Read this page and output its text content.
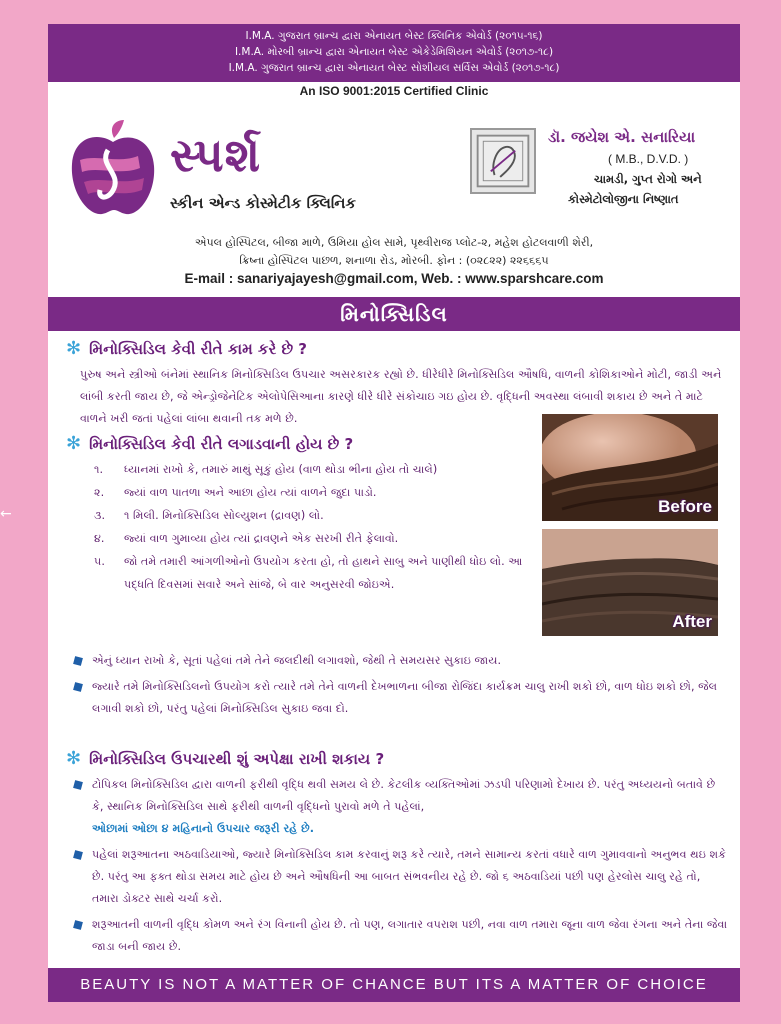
←
I.M.A. ગુજરાત બ્રાન્ચ દ્વારા એનાયત બેસ્ટ ક્લિનિક એવોર્ડ (૨૦૧૫-૧૬)
I.M.A. મોરબી બ્રાન્ચ દ્વારા એનાયત બેસ્ટ એકેડેમિશિયન એવોર્ડ (૨૦૧૭-૧૮)
I.M.A. ગુજરાત બ્રાન્ચ દ્વારા એનાયત બેસ્ટ સોશીયલ સર્વિસ એવોર્ડ (૨૦૧૭-૧૮)
An ISO 9001:2015 Certified Clinic
સ્પર્શ
સ્કીન એન્ડ કોસ્મેટીક ક્લિનિક
ડૉ. જયેશ એ. સનારિયા
( M.B., D.V.D. )
ચામડી, ગુપ્ત રોગો અને
કોસ્મેટોલોજીના નિષ્ણાત
એપલ હોસ્પિટલ, બીજા માળે, ઉમિયા હોલ સામે, પૃથ્વીરાજ પ્લોટ-૨, મહેશ હોટલવાળી શેરી,
ક્રિષ્ના હોસ્પિટલ પાછળ, શનાળા રોડ, મોરબી. ફોન : (૦૨૮૨૨) ૨૨૬૬૬૫
E-mail : sanariyajayesh@gmail.com, Web. : www.sparshcare.com
મિનોક્સિડિલ
✻ મિનોક્સિડિલ કેવી રીતે કામ કરે છે ?

પુરુષ અને સ્ત્રીઓ બંનેમાં સ્થાનિક મિનોક્સિડિલ ઉપચાર અસરકારક રહ્યો છે. ધીરેધીરે મિનોક્સિડિલ ઔષધિ, વાળની કોશિકાઓને મોટી, જાડી અને લાંબી કરતી જાય છે, જે એન્ડ્રોજેનેટિક એલોપેસિઆના કારણે ધીરે ધીરે સંકોચાઇ ગઇ હોય છે. વૃદ્ધિની અવસ્થા લંબાવી શકાય છે અને તે માટે વાળને ખરી જતાં પહેલાં લાંબા થવાની તક મળે છે.

✻ મિનોક્સિડિલ કેવી રીતે લગાડવાની હોય છે ?
૧.	ધ્યાનમાં રાખો કે, તમારું માથું સૂકું હોય (વાળ થોડા ભીના હોય તો ચાલે)
૨.	જ્યાં વાળ પાતળા અને આછા હોય ત્યાં વાળને જુદા પાડો.
૩.	૧ મિલી. મિનોક્સિડિલ સોલ્યુશન (દ્રાવણ) લો.
૪.	જ્યાં વાળ ગુમાવ્યા હોય ત્યાં દ્રાવણને એક સરખી રીતે ફેલાવો.
૫.	જો તમે તમારી આંગળીઓનો ઉપયોગ કરતા હો, તો હાથને સાબુ અને પાણીથી ધોઇ લો. આ પદ્ધતિ દિવસમાં સવારે અને સાંજે, બે વાર અનુસરવી જોઇએ.
Before
After
એનું ધ્યાન રાખો કે, સૂતાં પહેલાં તમે તેને જલદીથી લગાવશો, જેથી તે સમયસર સુકાઇ જાય.
જ્યારે તમે મિનોક્સિડિલનો ઉપયોગ કરો ત્યારે તમે તેને વાળની દેખભાળના બીજા રોજિંદા કાર્યક્રમ ચાલુ રાખી શકો છો, વાળ ધોઇ શકો છો, જેલ લગાવી શકો છો, પરંતુ પહેલાં મિનોક્સિડિલ સુકાઇ જવા દો.
✻ મિનોક્સિડિલ ઉપચારથી શું અપેક્ષા રાખી શકાય ?
ટોપિકલ મિનોક્સિડિલ દ્વારા વાળની ફરીથી વૃદ્ધિ થવી સમય લે છે. કેટલીક વ્યક્તિઓમાં ઝડપી પરિણામો દેખાય છે. પરંતુ અધ્યયનો બતાવે છે કે, સ્થાનિક મિનોક્સિડિલ સાથે ફરીથી વાળની વૃદ્ધિનો પુરાવો મળે તે પહેલાં,
ઓછામાં ઓછા ૪ મહિનાનો ઉપચાર જરૂરી રહે છે.
પહેલાં શરૂઆતના અઠવાડિયાઓ, જ્યારે મિનોક્સિડિલ કામ કરવાનું શરૂ કરે ત્યારે, તમને સામાન્ય કરતાં વધારે વાળ ગુમાવવાનો અનુભવ થઇ શકે છે. પરંતુ આ ફક્ત થોડા સમય માટે હોય છે અને ઔષધિની આ બાબત સંભવનીય રહે છે. જો ૬ અઠવાડિયાં પછી પણ હેરલોસ ચાલુ રહે તો, તમારા ડોક્ટર સાથે ચર્ચા કરો.
શરૂઆતની વાળની વૃદ્ધિ કોમળ અને રંગ વિનાની હોય છે. તો પણ, લગાતાર વપરાશ પછી, નવા વાળ તમારા જૂના વાળ જેવા રંગના અને તેના જેવા જાડા બની જાય છે.
BEAUTY IS NOT A MATTER OF CHANCE BUT ITS A MATTER OF CHOICE
